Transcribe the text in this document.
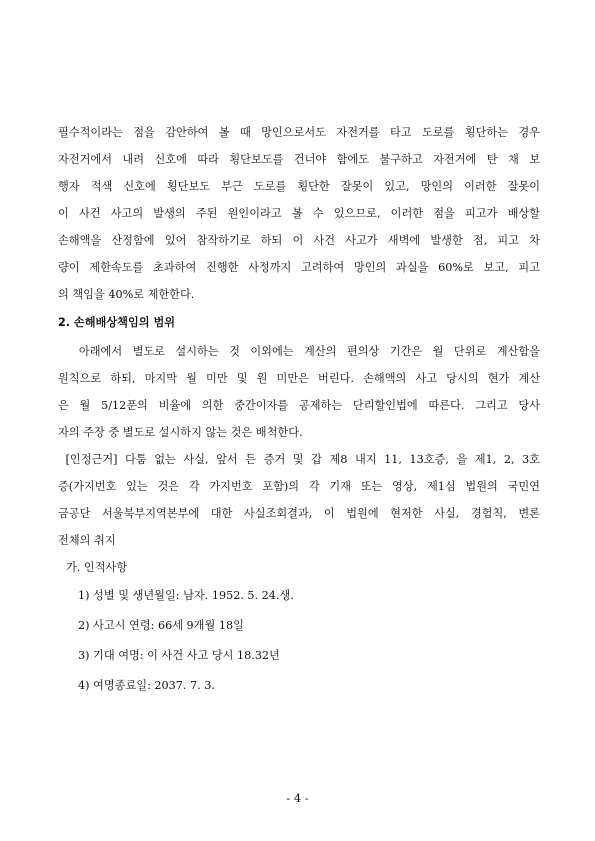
필수적이라는 점을 감안하여 볼 때 망인으로서도 자전거를 타고 도로를 횡단하는 경우
자전거에서 내려 신호에 따라 횡단보도를 건너야 함에도 불구하고 자전거에 탄 채 보
행자 적색 신호에 횡단보도 부근 도로를 횡단한 잘못이 있고, 망인의 이러한 잘못이
이 사건 사고의 발생의 주된 원인이라고 볼 수 있으므로, 이러한 점을 피고가 배상할
손해액을 산정함에 있어 참작하기로 하되 이 사건 사고가 새벽에 발생한 점, 피고 차
량이 제한속도를 초과하여 진행한 사정까지 고려하여 망인의 과실을 60%로 보고, 피고
의 책임을 40%로 제한한다.
2. 손해배상책임의 범위
아래에서 별도로 설시하는 것 이외에는 계산의 편의상 기간은 월 단위로 계산함을
원칙으로 하되, 마지막 월 미만 및 원 미만은 버린다. 손해액의 사고 당시의 현가 계산
은 월 5/12푼의 비율에 의한 중간이자를 공제하는 단리할인법에 따른다. 그리고 당사
자의 주장 중 별도로 설시하지 않는 것은 배척한다.
[인정근거] 다툼 없는 사실, 앞서 든 증거 및 갑 제8 내지 11, 13호증, 을 제1, 2, 3호
증(가지번호 있는 것은 각 가지번호 포함)의 각 기재 또는 영상, 제1심 법원의 국민연
금공단 서울북부지역본부에 대한 사실조회결과, 이 법원에 현저한 사실, 경험칙, 변론
전체의 취지
가. 인적사항
1) 성별 및 생년월일: 남자. 1952. 5. 24.생.
2) 사고시 연령: 66세 9개월 18일
3) 기대 여명: 이 사건 사고 당시 18.32년
4) 여명종료일: 2037. 7. 3.
- 4 -
